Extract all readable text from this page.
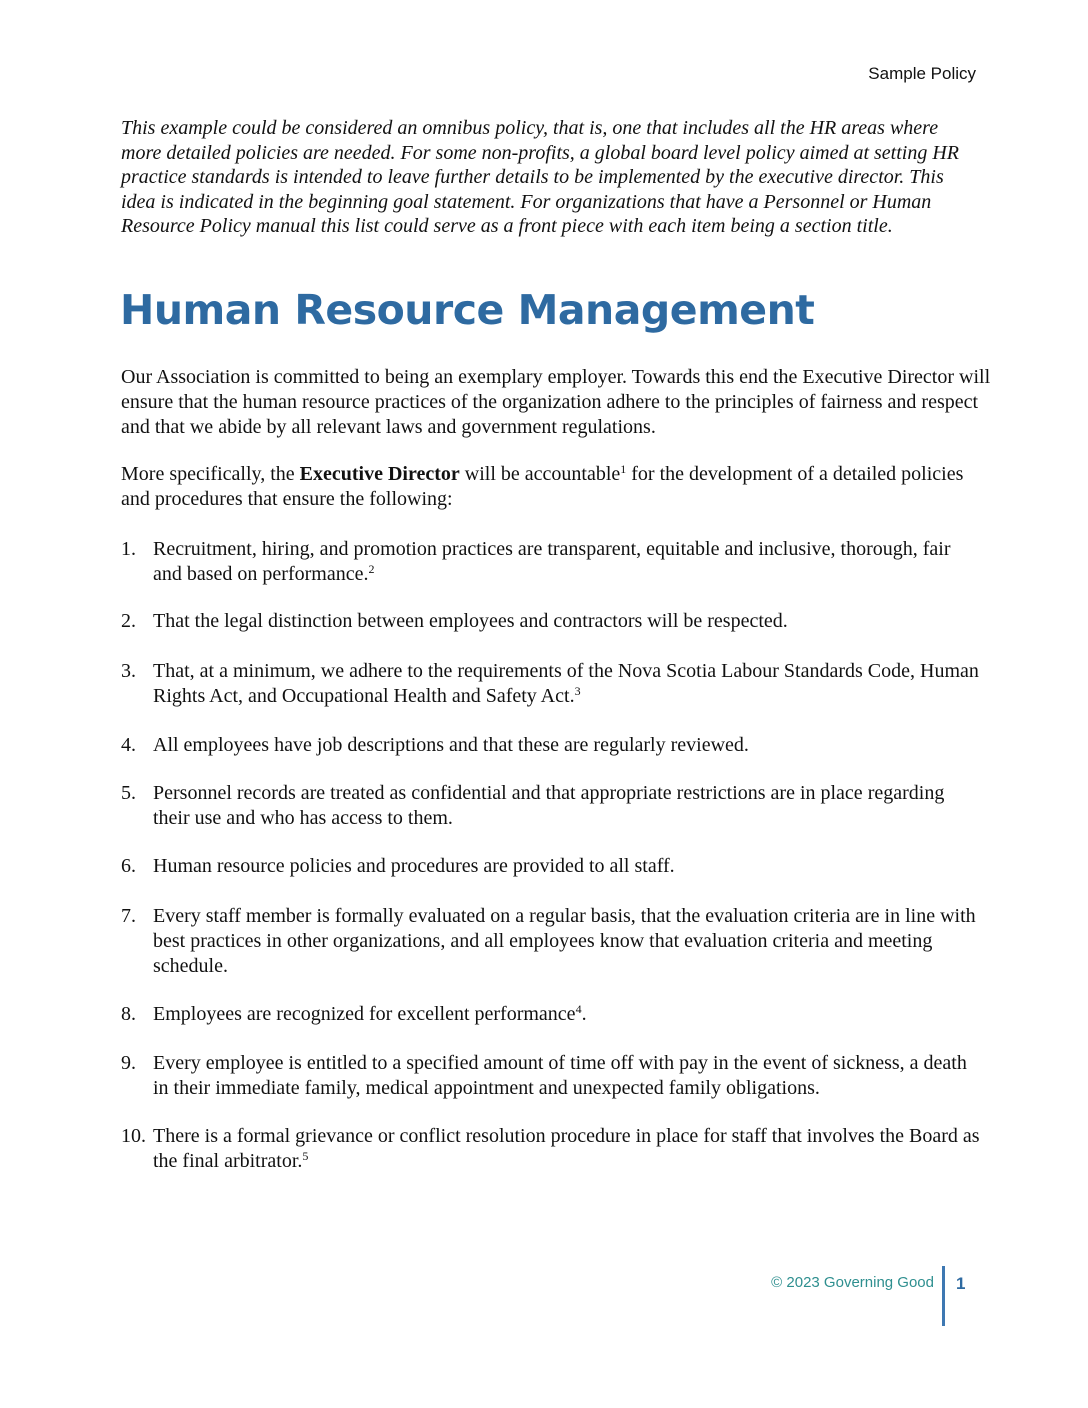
Sample Policy

This example could be considered an omnibus policy, that is, one that includes all the HR areas where more detailed policies are needed. For some non-profits, a global board level policy aimed at setting HR practice standards is intended to leave further details to be implemented by the executive director. This idea is indicated in the beginning goal statement. For organizations that have a Personnel or Human Resource Policy manual this list could serve as a front piece with each item being a section title.

Human Resource Management

Our Association is committed to being an exemplary employer. Towards this end the Executive Director will ensure that the human resource practices of the organization adhere to the principles of fairness and respect and that we abide by all relevant laws and government regulations.

More specifically, the Executive Director will be accountable$^1$ for the development of a detailed policies and procedures that ensure the following:

1. Recruitment, hiring, and promotion practices are transparent, equitable and inclusive, thorough, fair and based on performance.$^2$
2. That the legal distinction between employees and contractors will be respected.
3. That, at a minimum, we adhere to the requirements of the Nova Scotia Labour Standards Code, Human Rights Act, and Occupational Health and Safety Act.$^3$
4. All employees have job descriptions and that these are regularly reviewed.
5. Personnel records are treated as confidential and that appropriate restrictions are in place regarding their use and who has access to them.
6. Human resource policies and procedures are provided to all staff.
7. Every staff member is formally evaluated on a regular basis, that the evaluation criteria are in line with best practices in other organizations, and all employees know that evaluation criteria and meeting schedule.
8. Employees are recognized for excellent performance$^4$.
9. Every employee is entitled to a specified amount of time off with pay in the event of sickness, a death in their immediate family, medical appointment and unexpected family obligations.
10. There is a formal grievance or conflict resolution procedure in place for staff that involves the Board as the final arbitrator.$^5$
© 2023 Governing Good 1
